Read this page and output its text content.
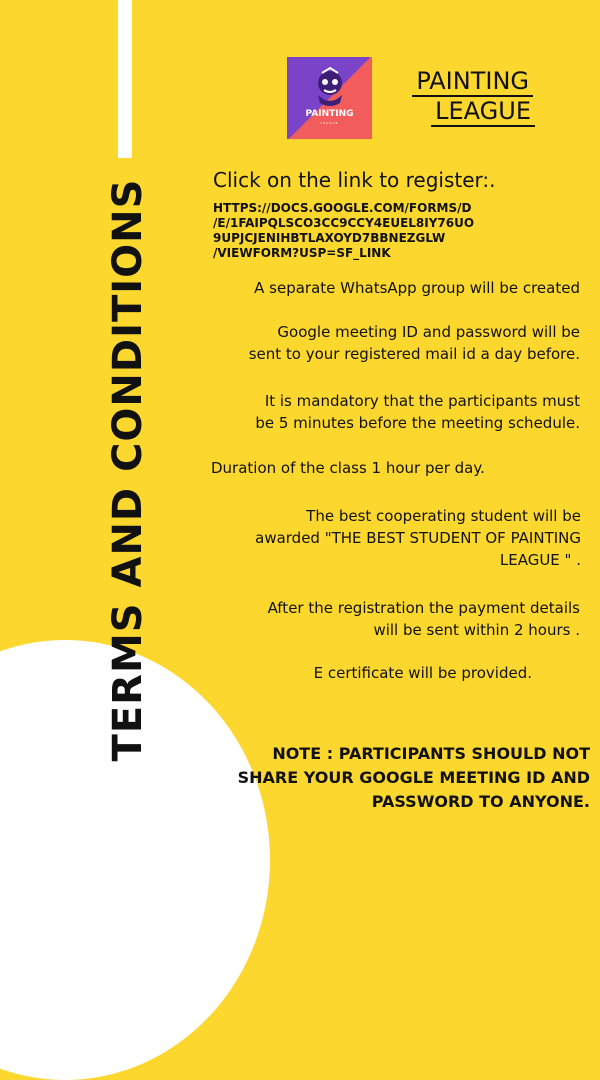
TERMS AND CONDITIONS
PAINTING
LEAGUE
PAINTING
LEAGUE
Click on the link to register:.
HTTPS://DOCS.GOOGLE.COM/FORMS/D
/E/1FAIPQLSCO3CC9CCY4EUEL8IY76UO
9UPJCJENIHBTLAXOYD7BBNEZGLW
/VIEWFORM?USP=SF_LINK
A separate WhatsApp group will be created
Google meeting ID and password will be
sent to your registered mail id a day before.
It is mandatory that the participants must
be 5 minutes before the meeting schedule.
Duration of the class 1 hour per day.
The best cooperating student will be
awarded "THE BEST STUDENT OF PAINTING
LEAGUE " .
After the registration the payment details
will be sent within 2 hours .
E certificate will be provided.
NOTE : PARTICIPANTS SHOULD NOT
SHARE YOUR GOOGLE MEETING ID AND
PASSWORD TO ANYONE.
